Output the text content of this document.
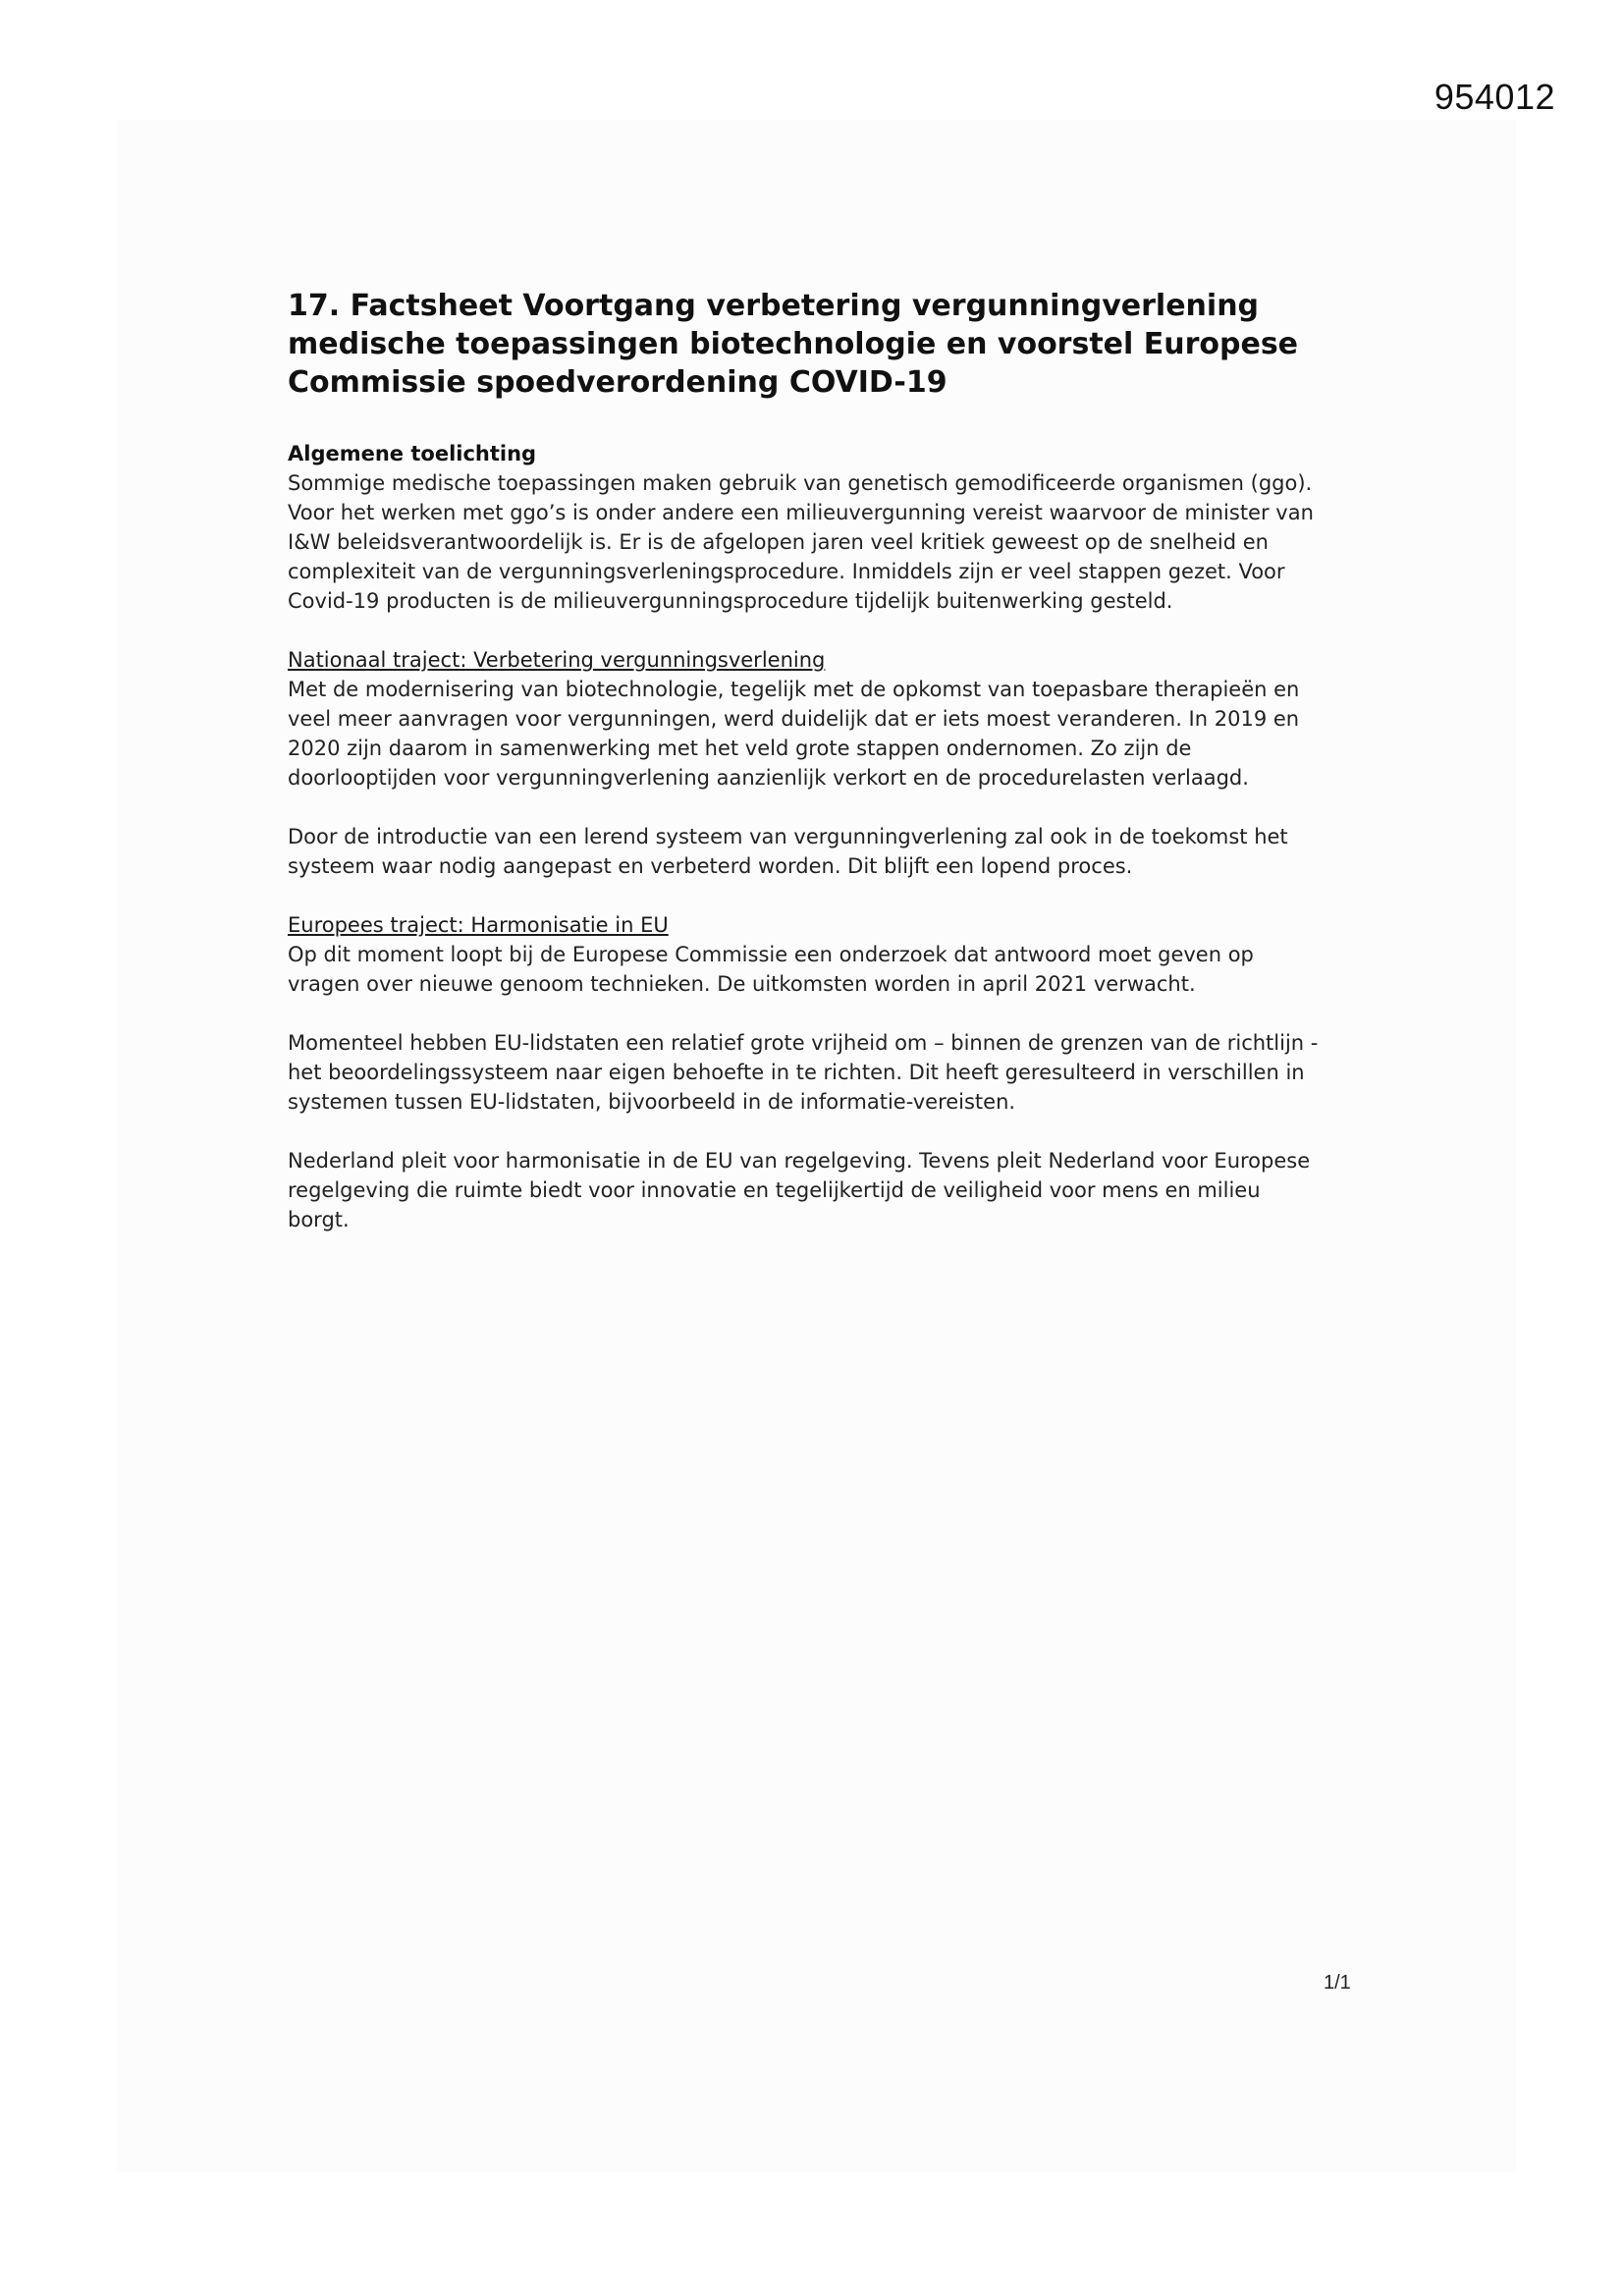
954012
17. Factsheet Voortgang verbetering vergunningverlening
medische toepassingen biotechnologie en voorstel Europese
Commissie spoedverordening COVID-19
Algemene toelichting
Sommige medische toepassingen maken gebruik van genetisch gemodificeerde organismen (ggo).
Voor het werken met ggo’s is onder andere een milieuvergunning vereist waarvoor de minister van
I&W beleidsverantwoordelijk is. Er is de afgelopen jaren veel kritiek geweest op de snelheid en
complexiteit van de vergunningsverleningsprocedure. Inmiddels zijn er veel stappen gezet. Voor
Covid-19 producten is de milieuvergunningsprocedure tijdelijk buitenwerking gesteld.
Nationaal traject: Verbetering vergunningsverlening
Met de modernisering van biotechnologie, tegelijk met de opkomst van toepasbare therapieën en
veel meer aanvragen voor vergunningen, werd duidelijk dat er iets moest veranderen. In 2019 en
2020 zijn daarom in samenwerking met het veld grote stappen ondernomen. Zo zijn de
doorlooptijden voor vergunningverlening aanzienlijk verkort en de procedurelasten verlaagd.
Door de introductie van een lerend systeem van vergunningverlening zal ook in de toekomst het
systeem waar nodig aangepast en verbeterd worden. Dit blijft een lopend proces.
Europees traject: Harmonisatie in EU
Op dit moment loopt bij de Europese Commissie een onderzoek dat antwoord moet geven op
vragen over nieuwe genoom technieken. De uitkomsten worden in april 2021 verwacht.
Momenteel hebben EU-lidstaten een relatief grote vrijheid om – binnen de grenzen van de richtlijn -
het beoordelingssysteem naar eigen behoefte in te richten. Dit heeft geresulteerd in verschillen in
systemen tussen EU-lidstaten, bijvoorbeeld in de informatie-vereisten.
Nederland pleit voor harmonisatie in de EU van regelgeving. Tevens pleit Nederland voor Europese
regelgeving die ruimte biedt voor innovatie en tegelijkertijd de veiligheid voor mens en milieu
borgt.
1/1
